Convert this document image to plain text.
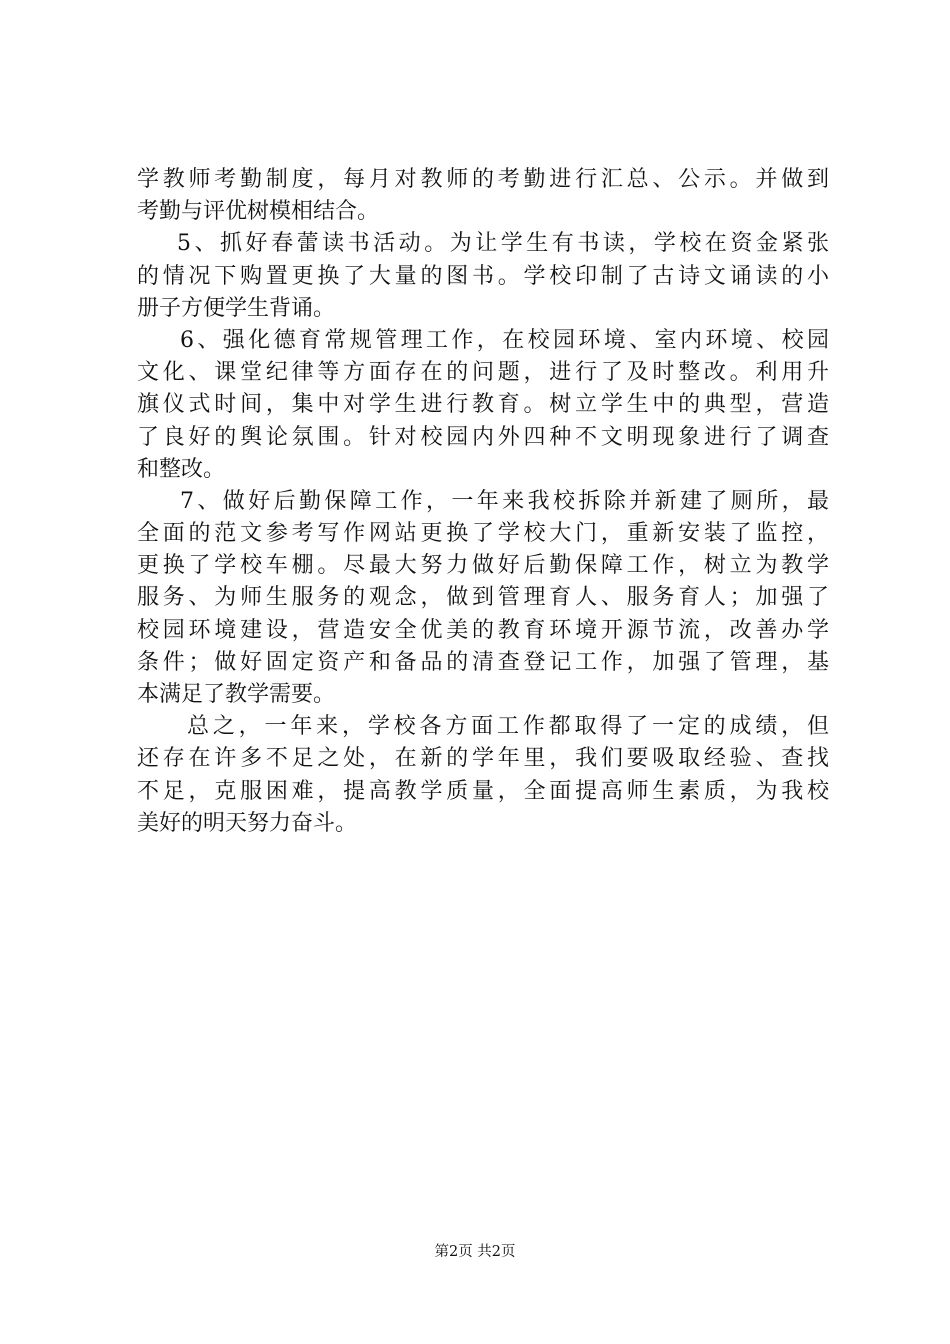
学教师考勤制度，每月对教师的考勤进行汇总、公示。并做到
考勤与评优树模相结合。
5、抓好春蕾读书活动。为让学生有书读，学校在资金紧张
的情况下购置更换了大量的图书。学校印制了古诗文诵读的小
册子方便学生背诵。
6、强化德育常规管理工作，在校园环境、室内环境、校园
文化、课堂纪律等方面存在的问题，进行了及时整改。利用升
旗仪式时间，集中对学生进行教育。树立学生中的典型，营造
了良好的舆论氛围。针对校园内外四种不文明现象进行了调查
和整改。
7、做好后勤保障工作，一年来我校拆除并新建了厕所，最
全面的范文参考写作网站更换了学校大门，重新安装了监控，
更换了学校车棚。尽最大努力做好后勤保障工作，树立为教学
服务、为师生服务的观念，做到管理育人、服务育人；加强了
校园环境建设，营造安全优美的教育环境开源节流，改善办学
条件；做好固定资产和备品的清查登记工作，加强了管理，基
本满足了教学需要。
总之，一年来，学校各方面工作都取得了一定的成绩，但
还存在许多不足之处，在新的学年里，我们要吸取经验、查找
不足，克服困难，提高教学质量，全面提高师生素质，为我校
美好的明天努力奋斗。
第2页 共2页
